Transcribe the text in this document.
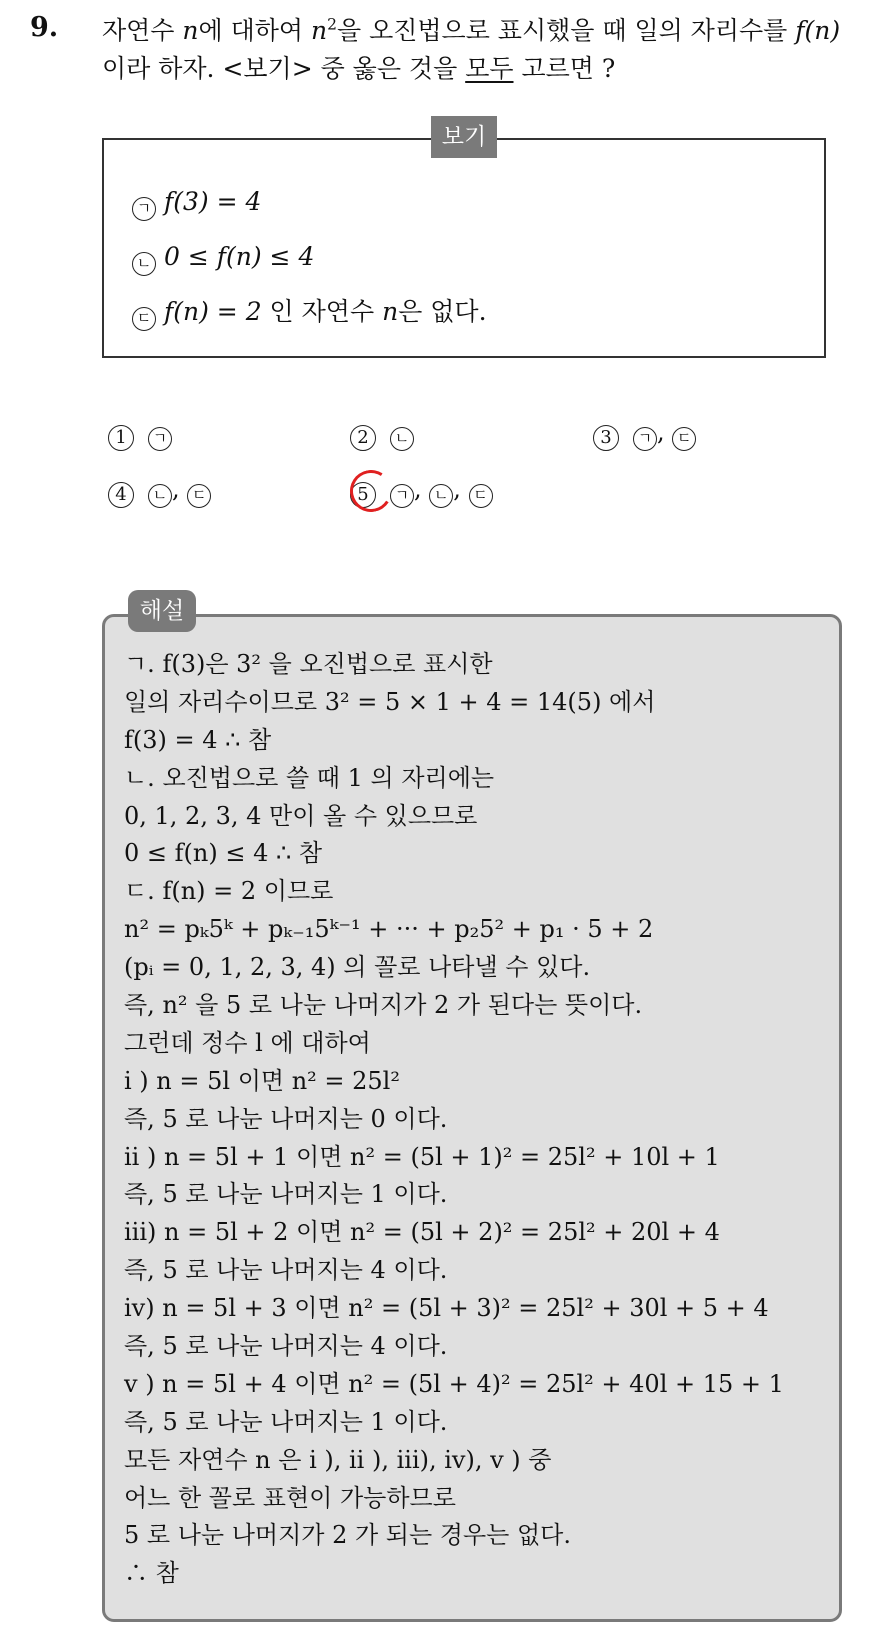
9. 자연수 n에 대하여 $n^2$을 오진법으로 표시했을 때 일의 자리수를 f(n)
이라 하자. <보기> 중 옳은 것을 모두 고르면 ?
보기
ㄱ f(3) = 4
ㄴ 0 ≤ f(n) ≤ 4
ㄷ f(n) = 2 인 자연수 n은 없다.
1 ㄱ	2 ㄴ	3 ㄱ , ㄷ
4 ㄴ , ㄷ	5 ㄱ , ㄴ , ㄷ
해설
ㄱ. f(3)은 3² 을 오진법으로 표시한
일의 자리수이므로 3² = 5 × 1 + 4 = 14(5) 에서
f(3) = 4 ∴ 참
ㄴ. 오진법으로 쓸 때 1 의 자리에는
0, 1, 2, 3, 4 만이 올 수 있으므로
0 ≤ f(n) ≤ 4 ∴ 참
ㄷ. f(n) = 2 이므로
n² = pₖ5ᵏ + pₖ₋₁5ᵏ⁻¹ + ··· + p₂5² + p₁ · 5 + 2
(pᵢ = 0, 1, 2, 3, 4) 의 꼴로 나타낼 수 있다.
즉, n² 을 5 로 나눈 나머지가 2 가 된다는 뜻이다.
그런데 정수 l 에 대하여
i ) n = 5l 이면 n² = 25l²
즉, 5 로 나눈 나머지는 0 이다.
ii ) n = 5l + 1 이면 n² = (5l + 1)² = 25l² + 10l + 1
즉, 5 로 나눈 나머지는 1 이다.
iii) n = 5l + 2 이면 n² = (5l + 2)² = 25l² + 20l + 4
즉, 5 로 나눈 나머지는 4 이다.
iv) n = 5l + 3 이면 n² = (5l + 3)² = 25l² + 30l + 5 + 4
즉, 5 로 나눈 나머지는 4 이다.
v ) n = 5l + 4 이면 n² = (5l + 4)² = 25l² + 40l + 15 + 1
즉, 5 로 나눈 나머지는 1 이다.
모든 자연수 n 은 i ), ii ), iii), iv), v ) 중
어느 한 꼴로 표현이 가능하므로
5 로 나눈 나머지가 2 가 되는 경우는 없다.
∴ 참
